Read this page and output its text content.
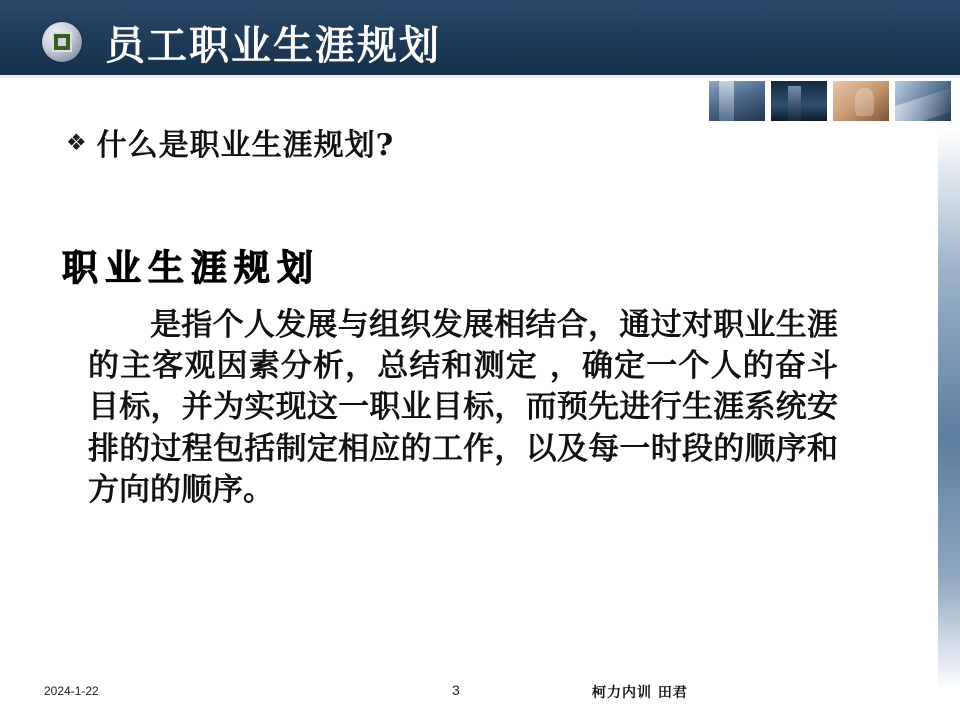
员工职业生涯规划
❖ 什么是职业生涯规划?
职业生涯规划
是指个人发展与组织发展相结合，通过对职业生涯的主客观因素分析，总结和测定 ，确定一个人的奋斗目标，并为实现这一职业目标，而预先进行生涯系统安排的过程包括制定相应的工作，以及每一时段的顺序和方向的顺序。
2024-1-22	3	柯力内训 田君
